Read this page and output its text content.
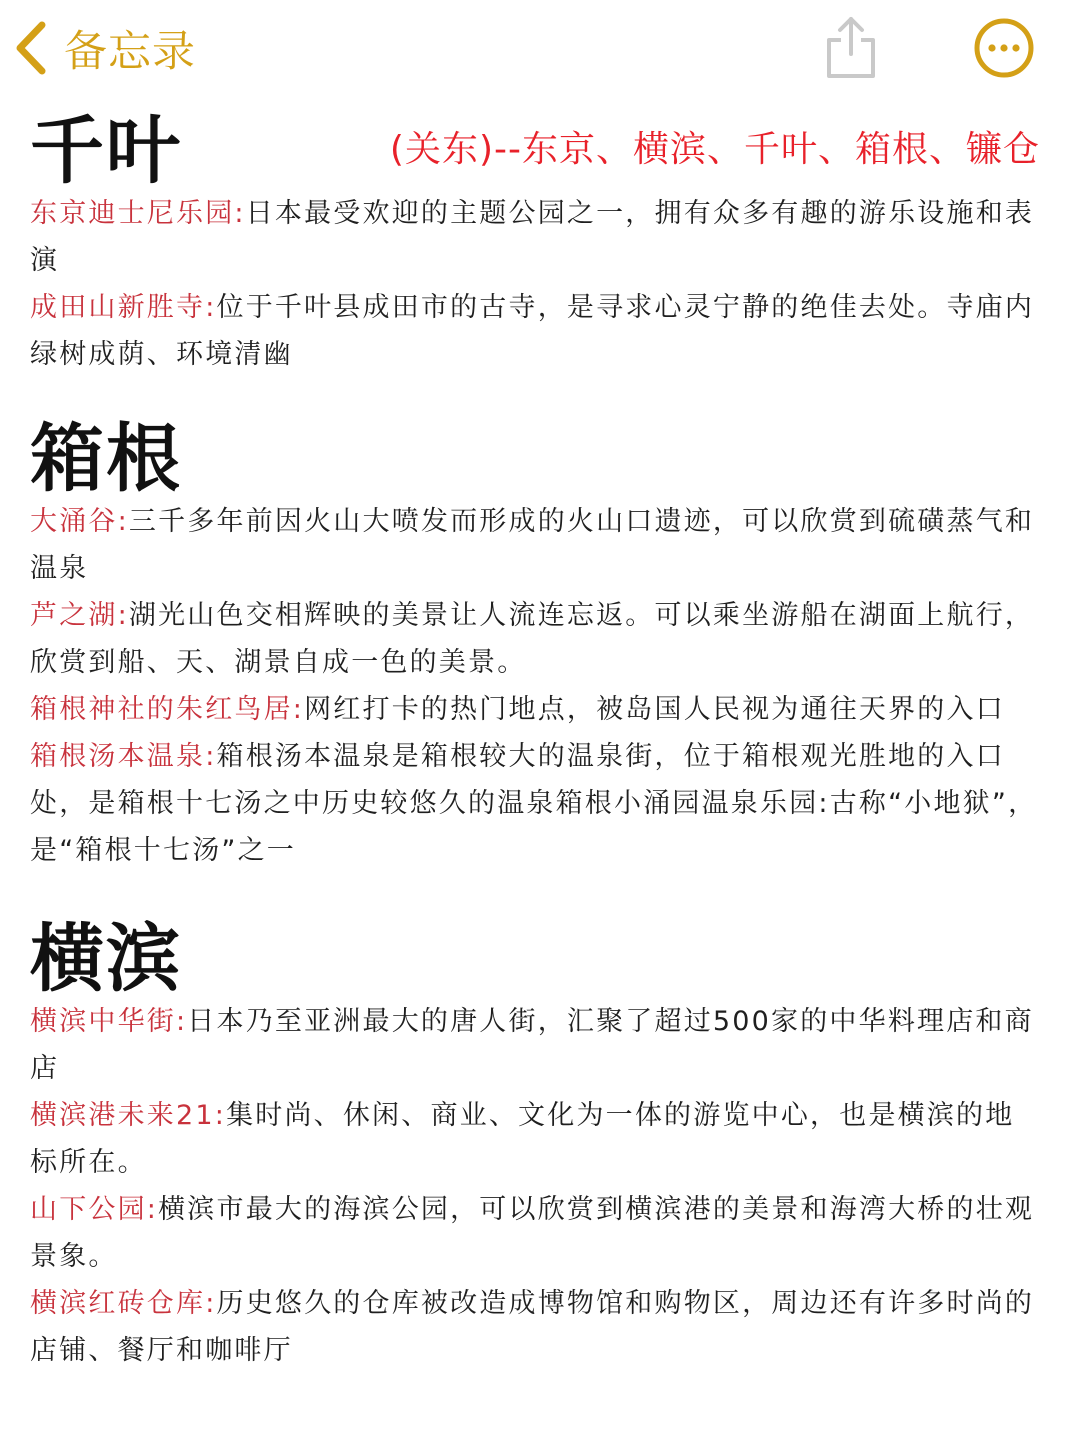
备忘录
千叶	(关东)--东京、横滨、千叶、箱根、镰仓

东京迪士尼乐园:日本最受欢迎的主题公园之一，拥有众多有趣的游乐设施和表演

成田山新胜寺:位于千叶县成田市的古寺，是寻求心灵宁静的绝佳去处。寺庙内绿树成荫、环境清幽

箱根

大涌谷:三千多年前因火山大喷发而形成的火山口遗迹，可以欣赏到硫磺蒸气和温泉

芦之湖:湖光山色交相辉映的美景让人流连忘返。可以乘坐游船在湖面上航行，欣赏到船、天、湖景自成一色的美景。

箱根神社的朱红鸟居:网红打卡的热门地点，被岛国人民视为通往天界的入口

箱根汤本温泉:箱根汤本温泉是箱根较大的温泉街，位于箱根观光胜地的入口处，是箱根十七汤之中历史较悠久的温泉箱根小涌园温泉乐园:古称“小地狱”，是“箱根十七汤”之一

横滨

横滨中华街:日本乃至亚洲最大的唐人街，汇聚了超过500家的中华料理店和商店

横滨港未来21:集时尚、休闲、商业、文化为一体的游览中心，也是横滨的地标所在。

山下公园:横滨市最大的海滨公园，可以欣赏到横滨港的美景和海湾大桥的壮观景象。

横滨红砖仓库:历史悠久的仓库被改造成博物馆和购物区，周边还有许多时尚的店铺、餐厅和咖啡厅
